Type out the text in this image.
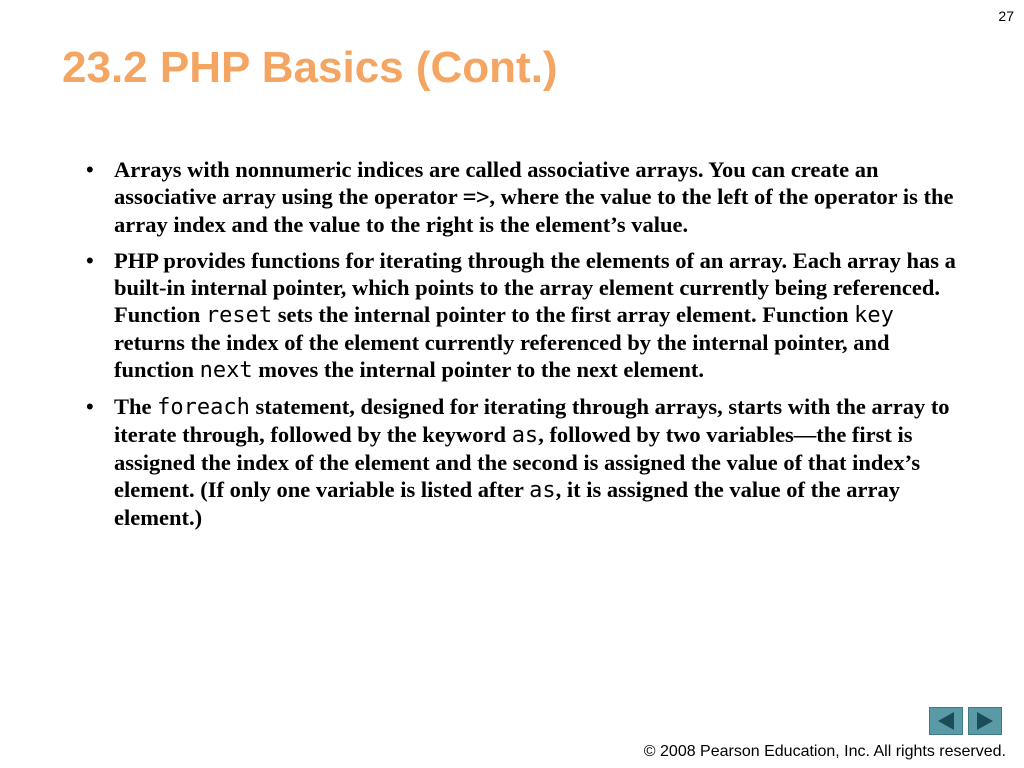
27
23.2 PHP Basics (Cont.)
• Arrays with nonnumeric indices are called associative arrays. You can create an associative array using the operator =>, where the value to the left of the operator is the array index and the value to the right is the element’s value.
• PHP provides functions for iterating through the elements of an array. Each array has a built-in internal pointer, which points to the array element currently being referenced. Function reset sets the internal pointer to the first array element. Function key returns the index of the element currently referenced by the internal pointer, and function next moves the internal pointer to the next element.
• The foreach statement, designed for iterating through arrays, starts with the array to iterate through, followed by the keyword as, followed by two variables—the first is assigned the index of the element and the second is assigned the value of that index’s element. (If only one variable is listed after as, it is assigned the value of the array element.)
© 2008 Pearson Education, Inc. All rights reserved.
